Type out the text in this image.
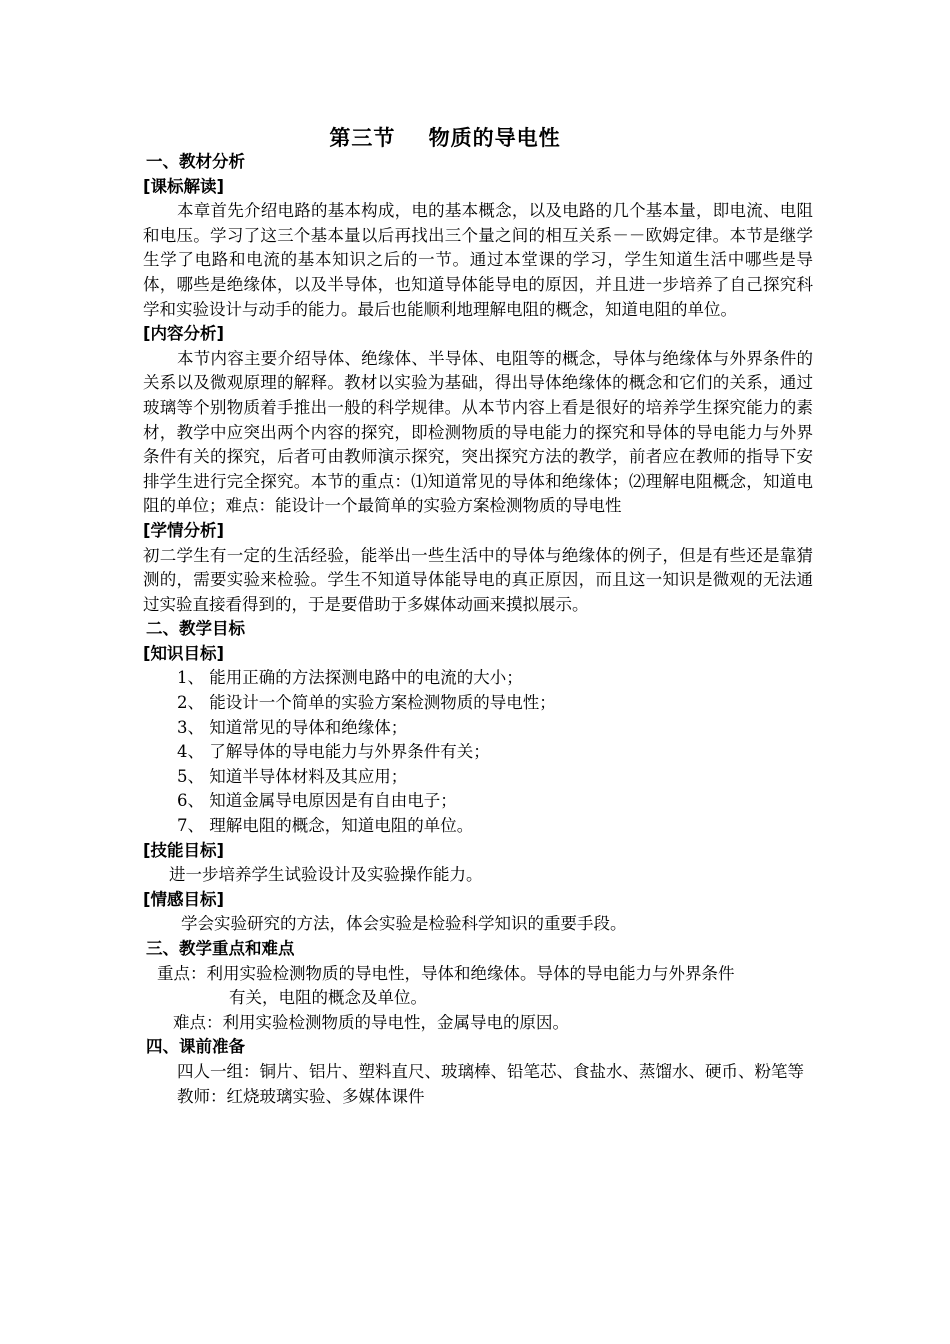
第三节    物质的导电性
一、教材分析
[课标解读]
本章首先介绍电路的基本构成，电的基本概念，以及电路的几个基本量，即电流、电阻和电压。学习了这三个基本量以后再找出三个量之间的相互关系－－欧姆定律。本节是继学生学了电路和电流的基本知识之后的一节。通过本堂课的学习，学生知道生活中哪些是导体，哪些是绝缘体，以及半导体，也知道导体能导电的原因，并且进一步培养了自己探究科学和实验设计与动手的能力。最后也能顺利地理解电阻的概念，知道电阻的单位。
[内容分析]
本节内容主要介绍导体、绝缘体、半导体、电阻等的概念，导体与绝缘体与外界条件的关系以及微观原理的解释。教材以实验为基础，得出导体绝缘体的概念和它们的关系，通过玻璃等个别物质着手推出一般的科学规律。从本节内容上看是很好的培养学生探究能力的素材，教学中应突出两个内容的探究，即检测物质的导电能力的探究和导体的导电能力与外界条件有关的探究，后者可由教师演示探究，突出探究方法的教学，前者应在教师的指导下安排学生进行完全探究。本节的重点：⑴知道常见的导体和绝缘体；⑵理解电阻概念，知道电阻的单位；难点：能设计一个最简单的实验方案检测物质的导电性
[学情分析]
初二学生有一定的生活经验，能举出一些生活中的导体与绝缘体的例子，但是有些还是靠猜测的，需要实验来检验。学生不知道导体能导电的真正原因，而且这一知识是微观的无法通过实验直接看得到的，于是要借助于多媒体动画来摸拟展示。
二、教学目标
[知识目标]
1、 能用正确的方法探测电路中的电流的大小；
2、 能设计一个简单的实验方案检测物质的导电性；
3、 知道常见的导体和绝缘体；
4、 了解导体的导电能力与外界条件有关；
5、 知道半导体材料及其应用；
6、 知道金属导电原因是有自由电子；
7、 理解电阻的概念，知道电阻的单位。
[技能目标]
进一步培养学生试验设计及实验操作能力。
[情感目标]
学会实验研究的方法，体会实验是检验科学知识的重要手段。
三、教学重点和难点
重点：利用实验检测物质的导电性，导体和绝缘体。导体的导电能力与外界条件
有关，电阻的概念及单位。
难点：利用实验检测物质的导电性，金属导电的原因。
四、课前准备
四人一组：铜片、铝片、塑料直尺、玻璃棒、铅笔芯、食盐水、蒸馏水、硬币、粉笔等
教师：红烧玻璃实验、多媒体课件
